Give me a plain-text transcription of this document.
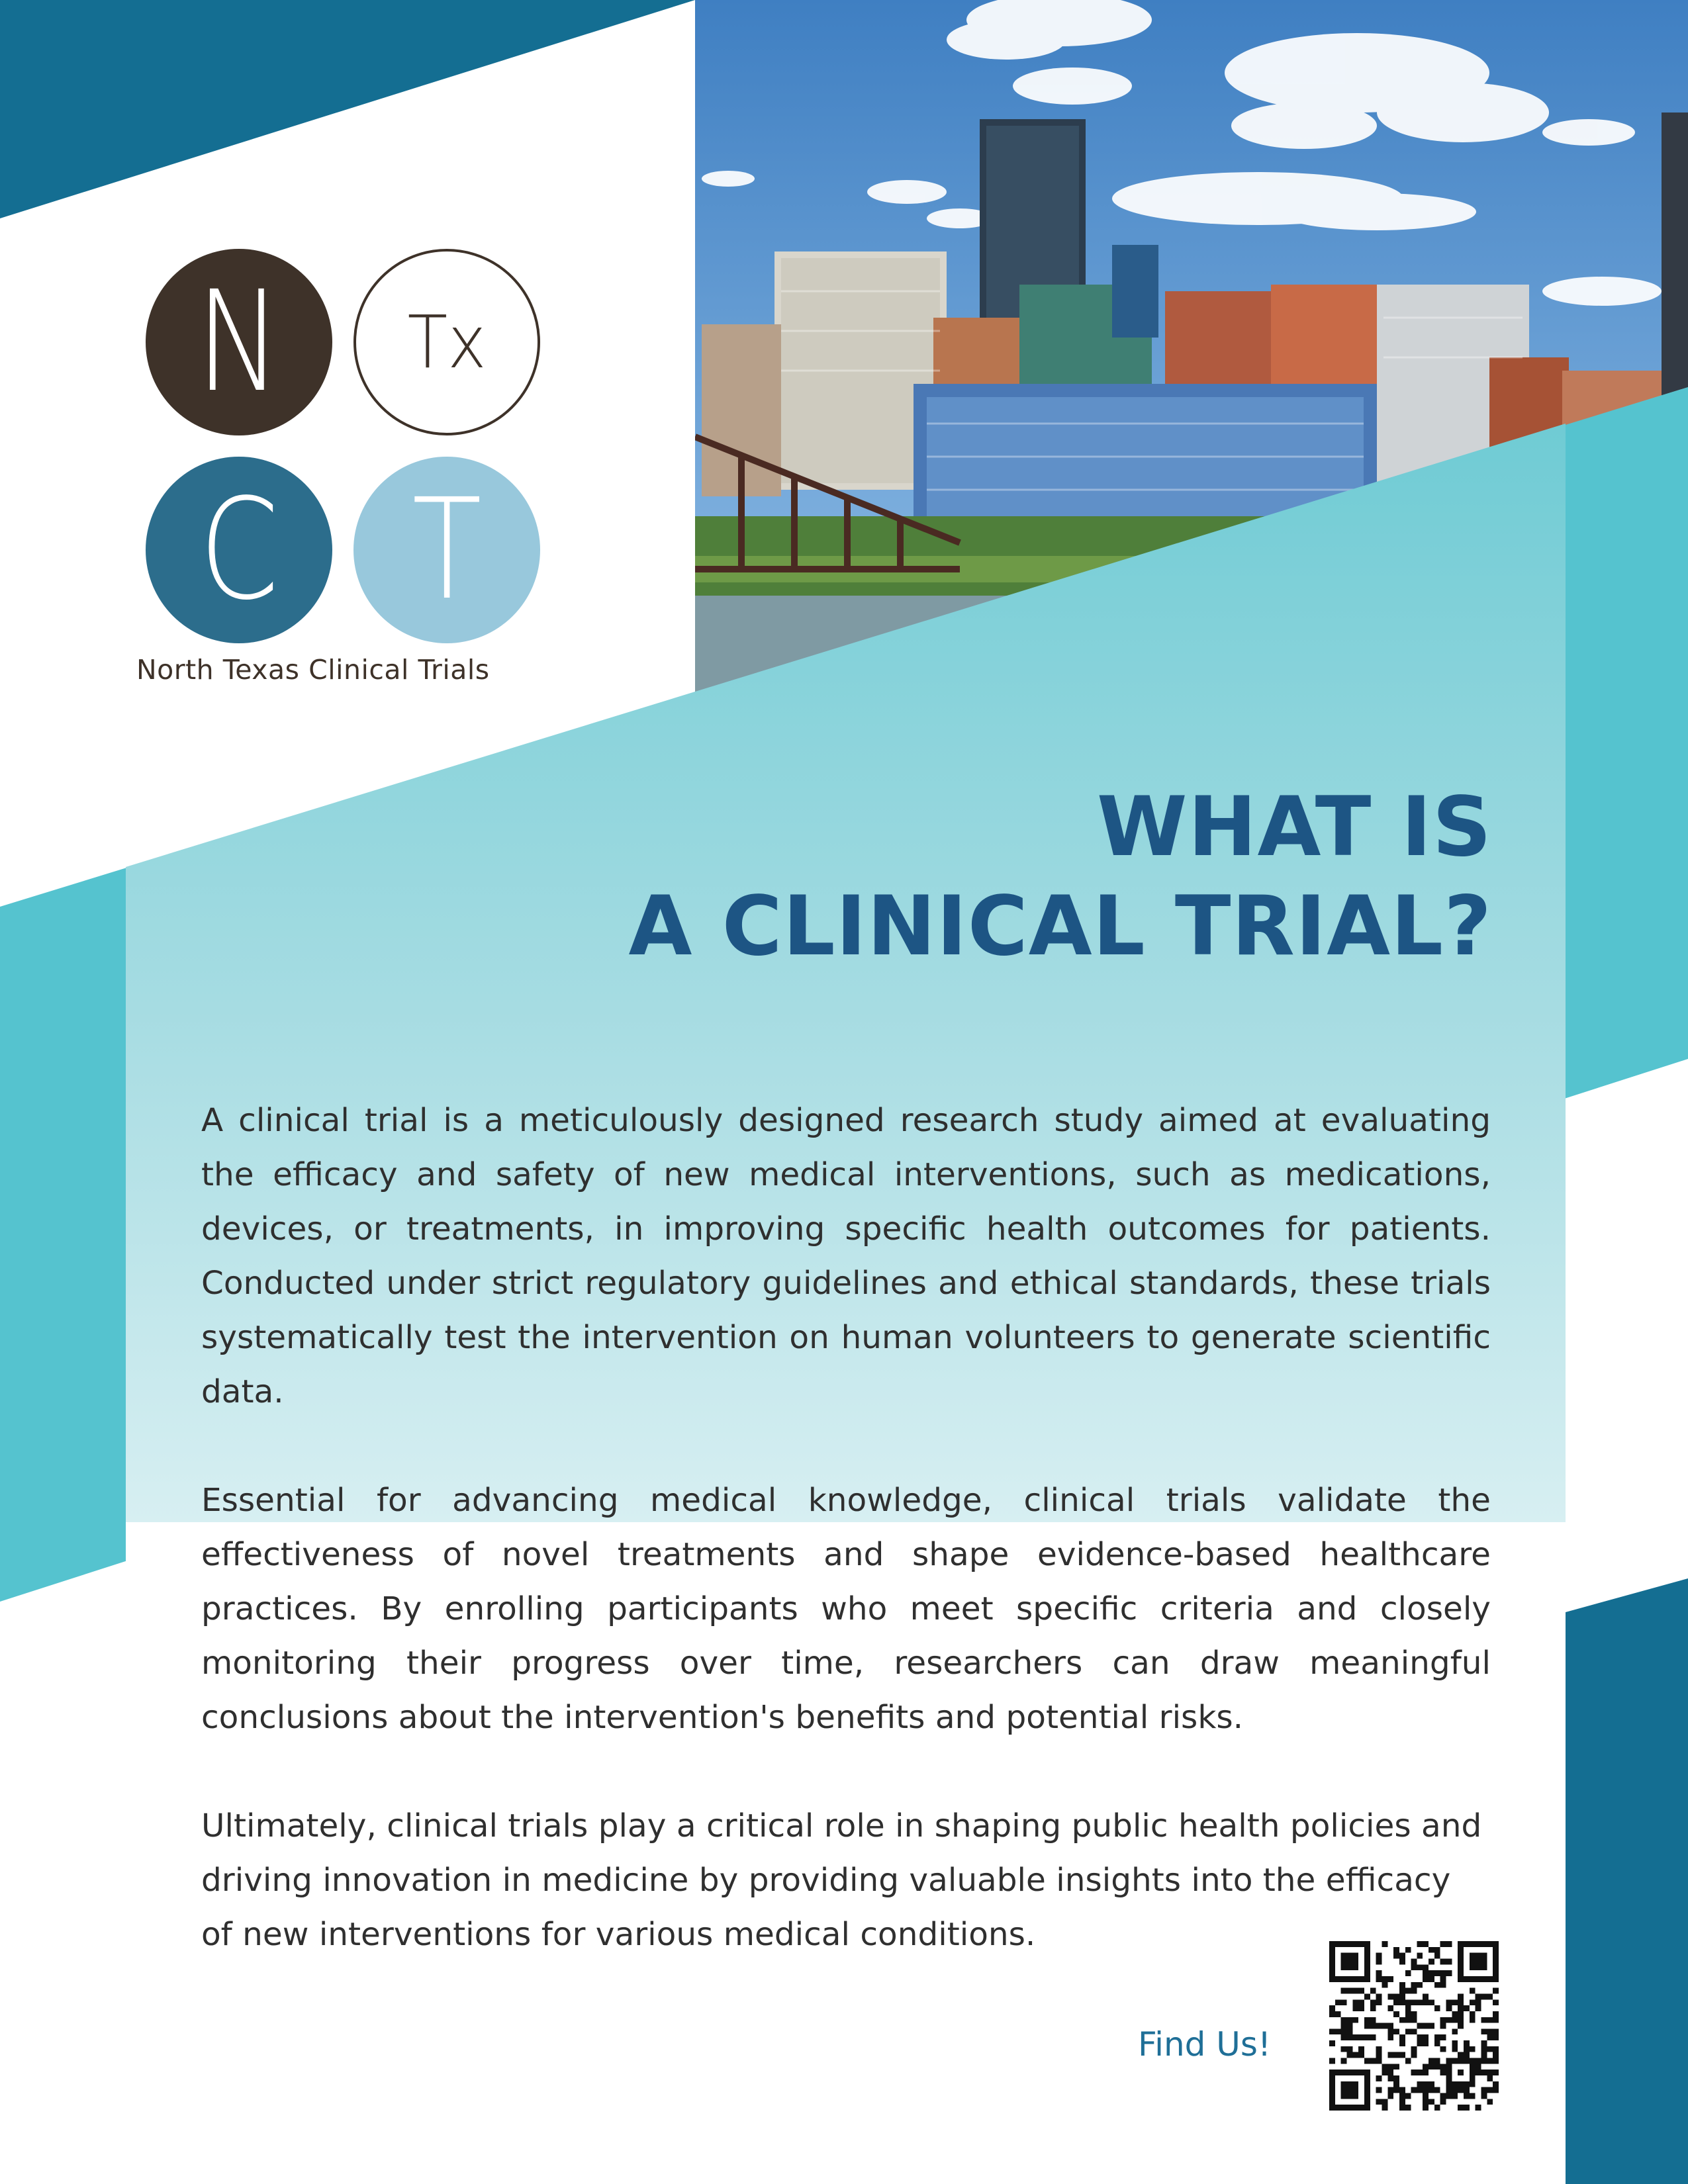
N Tx
C T
North Texas Clinical Trials
WHAT IS
A CLINICAL TRIAL?

A clinical trial is a meticulously designed research study aimed at evaluating the efficacy and safety of new medical interventions, such as medications, devices, or treatments, in improving specific health outcomes for patients. Conducted under strict regulatory guidelines and ethical standards, these trials systematically test the intervention on human volunteers to generate scientific data.

Essential for advancing medical knowledge, clinical trials validate the effectiveness of novel treatments and shape evidence-based healthcare practices. By enrolling participants who meet specific criteria and closely monitoring their progress over time, researchers can draw meaningful conclusions about the intervention's benefits and potential risks.

Ultimately, clinical trials play a critical role in shaping public health policies and driving innovation in medicine by providing valuable insights into the efficacy of new interventions for various medical conditions.

Find Us!
